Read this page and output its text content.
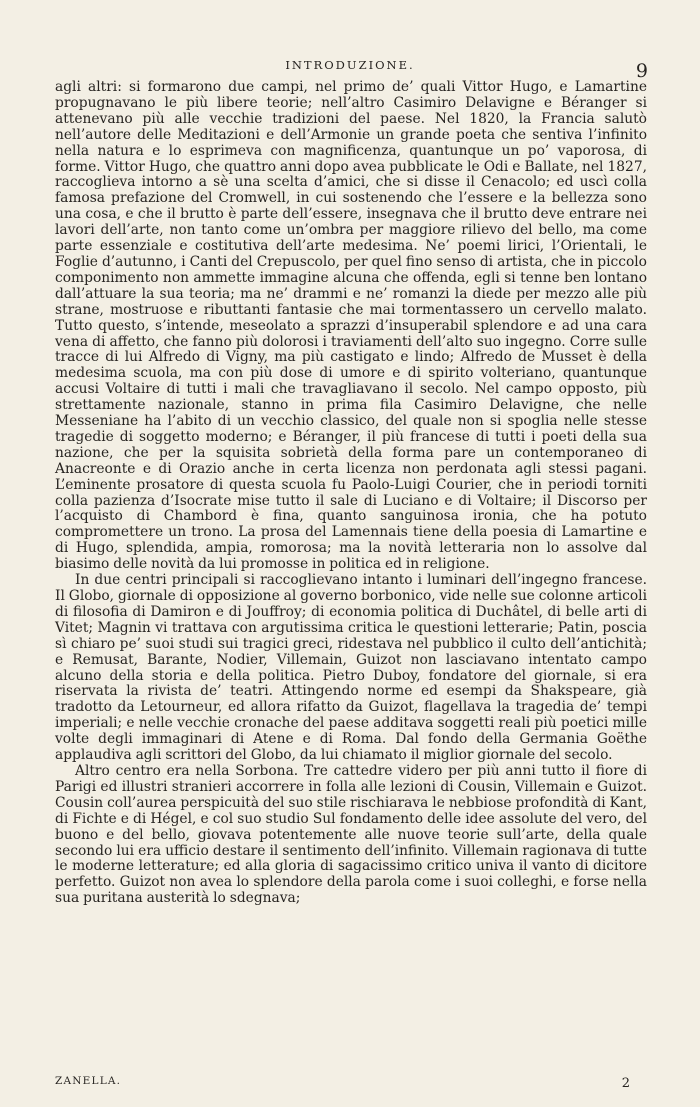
INTRODUZIONE.	9

agli altri: si formarono due campi, nel primo de’ quali Vittor Hugo, e Lamartine propugnavano le più libere teorie; nell’altro Casimiro Delavigne e Béranger si attenevano più alle vecchie tradizioni del paese. Nel 1820, la Francia salutò nell’autore delle Meditazioni e dell’Armonie un grande poeta che sentiva l’infinito nella natura e lo esprimeva con magnificenza, quantunque un po’ vaporosa, di forme. Vittor Hugo, che quattro anni dopo avea pubblicate le Odi e Ballate, nel 1827, raccoglieva intorno a sè una scelta d’amici, che si disse il Cenacolo; ed uscì colla famosa prefazione del Cromwell, in cui sostenendo che l’essere e la bellezza sono una cosa, e che il brutto è parte dell’essere, insegnava che il brutto deve entrare nei lavori dell’arte, non tanto come un’ombra per maggiore rilievo del bello, ma come parte essenziale e costitutiva dell’arte medesima. Ne’ poemi lirici, l’Orientali, le Foglie d’autunno, i Canti del Crepuscolo, per quel fino senso di artista, che in piccolo componimento non ammette immagine alcuna che offenda, egli si tenne ben lontano dall’attuare la sua teoria; ma ne’ drammi e ne’ romanzi la diede per mezzo alle più strane, mostruose e ributtanti fantasie che mai tormentassero un cervello malato. Tutto questo, s’intende, meseolato a sprazzi d’insuperabil splendore e ad una cara vena di affetto, che fanno più dolorosi i traviamenti dell’alto suo ingegno. Corre sulle tracce di lui Alfredo di Vigny, ma più castigato e lindo; Alfredo de Musset è della medesima scuola, ma con più dose di umore e di spirito volteriano, quantunque accusi Voltaire di tutti i mali che travagliavano il secolo. Nel campo opposto, più strettamente nazionale, stanno in prima fila Casimiro Delavigne, che nelle Messeniane ha l’abito di un vecchio classico, del quale non si spoglia nelle stesse tragedie di soggetto moderno; e Béranger, il più francese di tutti i poeti della sua nazione, che per la squisita sobrietà della forma pare un contemporaneo di Anacreonte e di Orazio anche in certa licenza non perdonata agli stessi pagani. L’eminente prosatore di questa scuola fu Paolo-Luigi Courier, che in periodi torniti colla pazienza d’Isocrate mise tutto il sale di Luciano e di Voltaire; il Discorso per l’acquisto di Chambord è fina, quanto sanguinosa ironia, che ha potuto compromettere un trono. La prosa del Lamennais tiene della poesia di Lamartine e di Hugo, splendida, ampia, romorosa; ma la novità letteraria non lo assolve dal biasimo delle novità da lui promosse in politica ed in religione.

In due centri principali si raccoglievano intanto i luminari dell’ingegno francese. Il Globo, giornale di opposizione al governo borbonico, vide nelle sue colonne articoli di filosofia di Damiron e di Jouffroy; di economia politica di Duchâtel, di belle arti di Vitet; Magnin vi trattava con argutissima critica le questioni letterarie; Patin, poscia sì chiaro pe’ suoi studi sui tragici greci, ridestava nel pubblico il culto dell’antichità; e Remusat, Barante, Nodier, Villemain, Guizot non lasciavano intentato campo alcuno della storia e della politica. Pietro Duboy, fondatore del giornale, si era riservata la rivista de’ teatri. Attingendo norme ed esempi da Shakspeare, già tradotto da Letourneur, ed allora rifatto da Guizot, flagellava la tragedia de’ tempi imperiali; e nelle vecchie cronache del paese additava soggetti reali più poetici mille volte degli immaginari di Atene e di Roma. Dal fondo della Germania Goëthe applaudiva agli scrittori del Globo, da lui chiamato il miglior giornale del secolo.

Altro centro era nella Sorbona. Tre cattedre videro per più anni tutto il fiore di Parigi ed illustri stranieri accorrere in folla alle lezioni di Cousin, Villemain e Guizot. Cousin coll’aurea perspicuità del suo stile rischiarava le nebbiose profondità di Kant, di Fichte e di Hégel, e col suo studio Sul fondamento delle idee assolute del vero, del buono e del bello, giovava potentemente alle nuove teorie sull’arte, della quale secondo lui era ufficio destare il sentimento dell’infinito. Villemain ragionava di tutte le moderne letterature; ed alla gloria di sagacissimo critico univa il vanto di dicitore perfetto. Guizot non avea lo splendore della parola come i suoi colleghi, e forse nella sua puritana austerità lo sdegnava;

ZANELLA.	2
